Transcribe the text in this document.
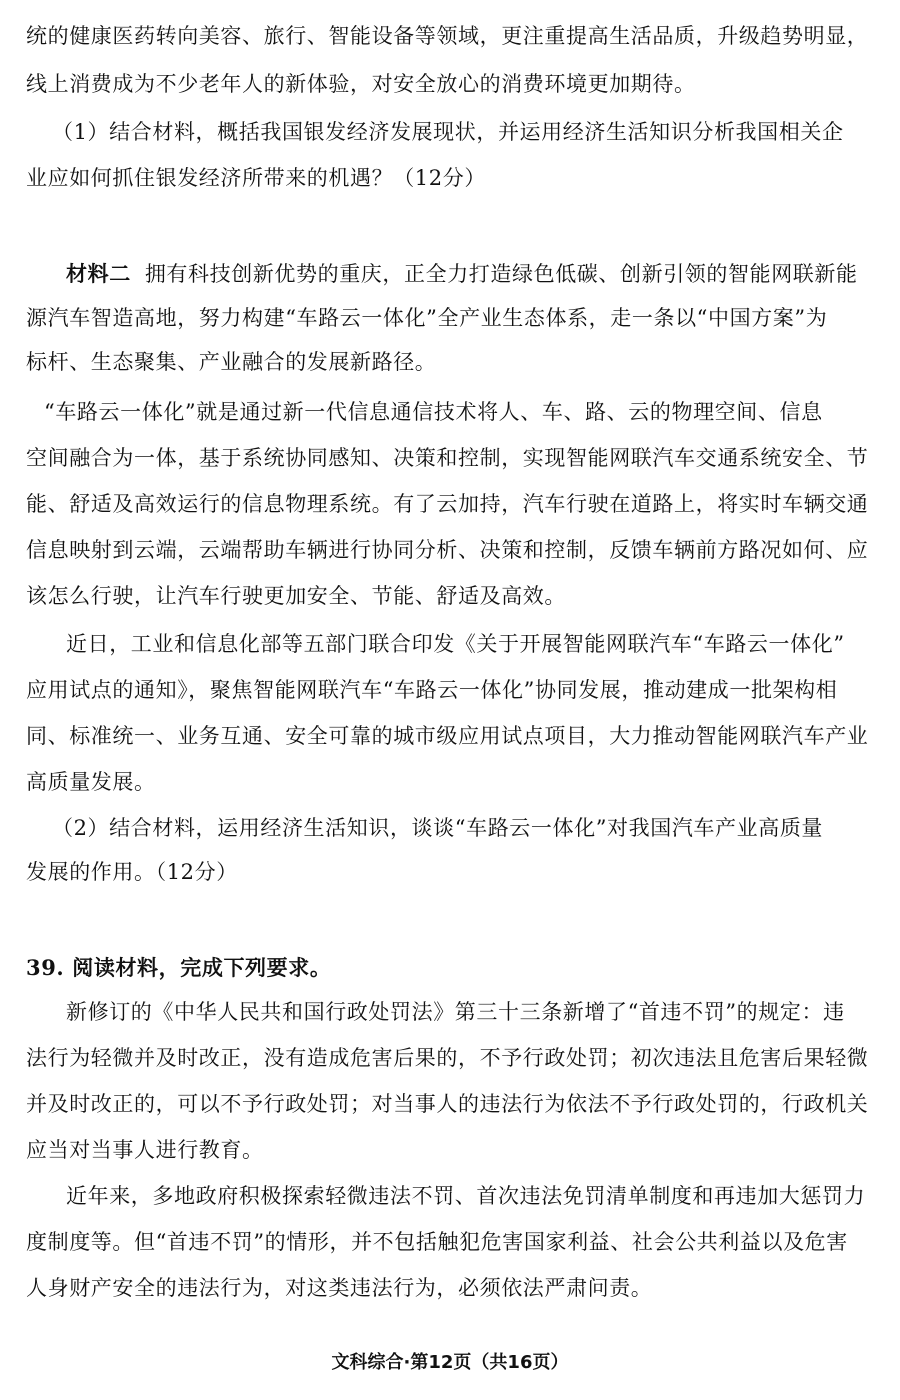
统的健康医药转向美容、旅行、智能设备等领域，更注重提高生活品质，升级趋势明显，
线上消费成为不少老年人的新体验，对安全放心的消费环境更加期待。
（1）结合材料，概括我国银发经济发展现状，并运用经济生活知识分析我国相关企
业应如何抓住银发经济所带来的机遇？（12分）
材料二 拥有科技创新优势的重庆，正全力打造绿色低碳、创新引领的智能网联新能
源汽车智造高地，努力构建“车路云一体化”全产业生态体系，走一条以“中国方案”为
标杆、生态聚集、产业融合的发展新路径。
“车路云一体化”就是通过新一代信息通信技术将人、车、路、云的物理空间、信息
空间融合为一体，基于系统协同感知、决策和控制，实现智能网联汽车交通系统安全、节
能、舒适及高效运行的信息物理系统。有了云加持，汽车行驶在道路上，将实时车辆交通
信息映射到云端，云端帮助车辆进行协同分析、决策和控制，反馈车辆前方路况如何、应
该怎么行驶，让汽车行驶更加安全、节能、舒适及高效。
近日，工业和信息化部等五部门联合印发《关于开展智能网联汽车“车路云一体化”
应用试点的通知》，聚焦智能网联汽车“车路云一体化”协同发展，推动建成一批架构相
同、标准统一、业务互通、安全可靠的城市级应用试点项目，大力推动智能网联汽车产业
高质量发展。
（2）结合材料，运用经济生活知识，谈谈“车路云一体化”对我国汽车产业高质量
发展的作用。（12分）
39. 阅读材料，完成下列要求。
新修订的《中华人民共和国行政处罚法》第三十三条新增了“首违不罚”的规定：违
法行为轻微并及时改正，没有造成危害后果的，不予行政处罚；初次违法且危害后果轻微
并及时改正的，可以不予行政处罚；对当事人的违法行为依法不予行政处罚的，行政机关
应当对当事人进行教育。
近年来，多地政府积极探索轻微违法不罚、首次违法免罚清单制度和再违加大惩罚力
度制度等。但“首违不罚”的情形，并不包括触犯危害国家利益、社会公共利益以及危害
人身财产安全的违法行为，对这类违法行为，必须依法严肃问责。
文科综合·第12页（共16页）
